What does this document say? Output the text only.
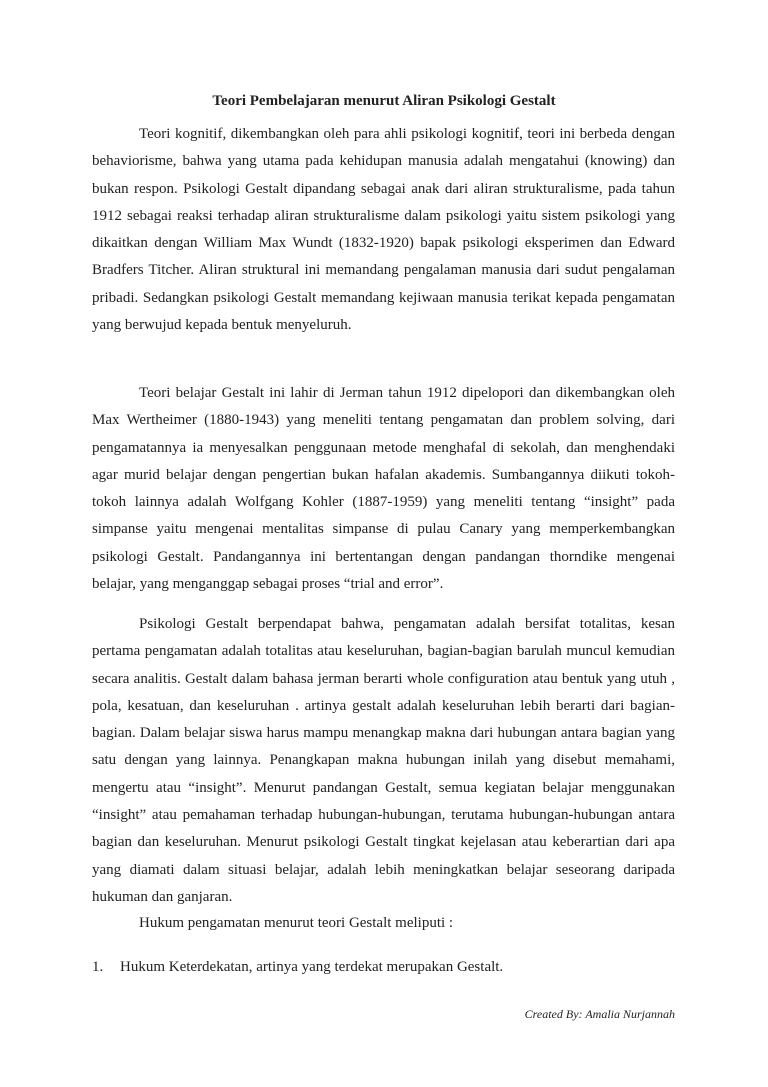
Teori Pembelajaran menurut Aliran Psikologi Gestalt

Teori kognitif, dikembangkan oleh para ahli psikologi kognitif, teori ini berbeda dengan behaviorisme, bahwa yang utama pada kehidupan manusia adalah mengatahui (knowing) dan bukan respon. Psikologi Gestalt dipandang sebagai anak dari aliran strukturalisme, pada tahun 1912 sebagai reaksi terhadap aliran strukturalisme dalam psikologi yaitu sistem psikologi yang dikaitkan dengan William Max Wundt (1832-1920) bapak psikologi eksperimen dan Edward Bradfers Titcher. Aliran struktural ini memandang pengalaman manusia dari sudut pengalaman pribadi. Sedangkan psikologi Gestalt memandang kejiwaan manusia terikat kepada pengamatan yang berwujud kepada bentuk menyeluruh.

Teori belajar Gestalt ini lahir di Jerman tahun 1912 dipelopori dan dikembangkan oleh Max Wertheimer (1880-1943) yang meneliti tentang pengamatan dan problem solving, dari pengamatannya ia menyesalkan penggunaan metode menghafal di sekolah, dan menghendaki agar murid belajar dengan pengertian bukan hafalan akademis. Sumbangannya diikuti tokoh-tokoh lainnya adalah Wolfgang Kohler (1887-1959) yang meneliti tentang “insight” pada simpanse yaitu mengenai mentalitas simpanse di pulau Canary yang memperkembangkan psikologi Gestalt. Pandangannya ini bertentangan dengan pandangan thorndike mengenai belajar, yang menganggap sebagai proses “trial and error”.

Psikologi Gestalt berpendapat bahwa, pengamatan adalah bersifat totalitas, kesan pertama pengamatan adalah totalitas atau keseluruhan, bagian-bagian barulah muncul kemudian secara analitis. Gestalt dalam bahasa jerman berarti whole configuration atau bentuk yang utuh , pola, kesatuan, dan keseluruhan . artinya gestalt adalah keseluruhan lebih berarti dari bagian-bagian. Dalam belajar siswa harus mampu menangkap makna dari hubungan antara bagian yang satu dengan yang lainnya. Penangkapan makna hubungan inilah yang disebut memahami, mengertu atau “insight”. Menurut pandangan Gestalt, semua kegiatan belajar menggunakan “insight” atau pemahaman terhadap hubungan-hubungan, terutama hubungan-hubungan antara bagian dan keseluruhan. Menurut psikologi Gestalt tingkat kejelasan atau keberartian dari apa yang diamati dalam situasi belajar, adalah lebih meningkatkan belajar seseorang daripada hukuman dan ganjaran.

Hukum pengamatan menurut teori Gestalt meliputi :
1.	Hukum Keterdekatan, artinya yang terdekat merupakan Gestalt.
Created By: Amalia Nurjannah
